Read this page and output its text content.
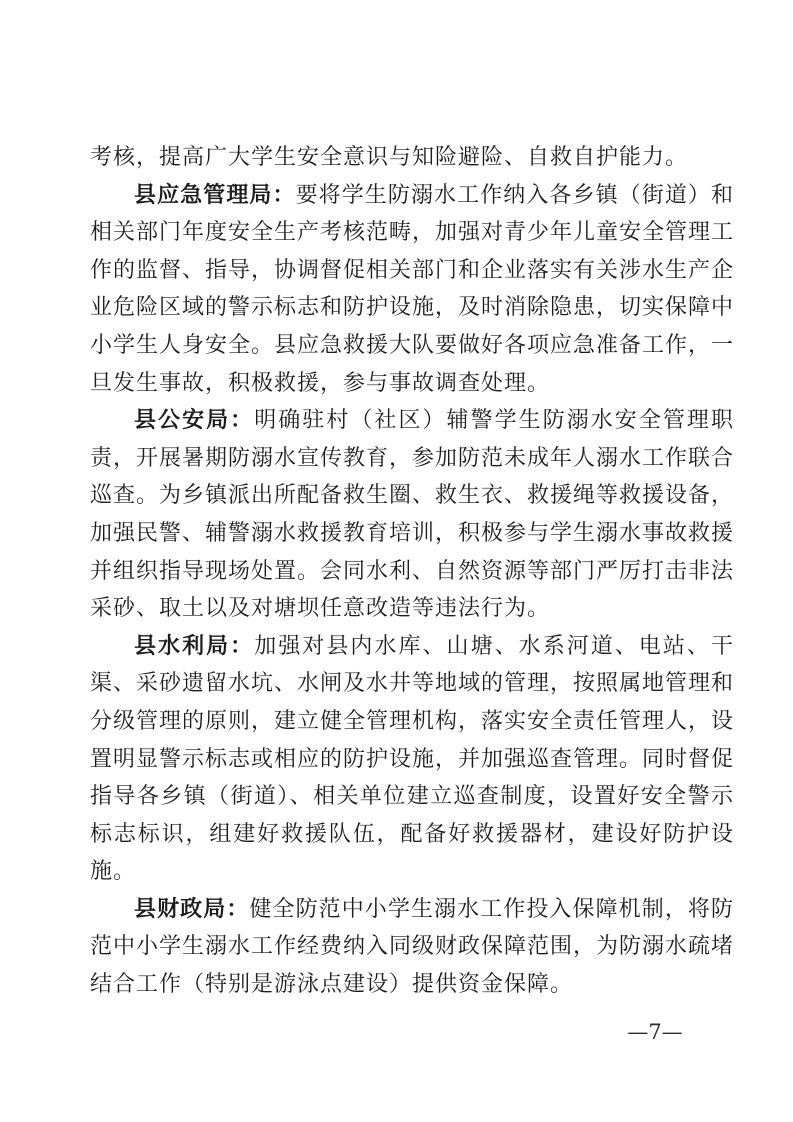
考核，提高广大学生安全意识与知险避险、自救自护能力。

县应急管理局：要将学生防溺水工作纳入各乡镇（街道）和相关部门年度安全生产考核范畴，加强对青少年儿童安全管理工作的监督、指导，协调督促相关部门和企业落实有关涉水生产企业危险区域的警示标志和防护设施，及时消除隐患，切实保障中小学生人身安全。县应急救援大队要做好各项应急准备工作，一旦发生事故，积极救援，参与事故调查处理。

县公安局：明确驻村（社区）辅警学生防溺水安全管理职责，开展暑期防溺水宣传教育，参加防范未成年人溺水工作联合巡查。为乡镇派出所配备救生圈、救生衣、救援绳等救援设备，加强民警、辅警溺水救援教育培训，积极参与学生溺水事故救援并组织指导现场处置。会同水利、自然资源等部门严厉打击非法采砂、取土以及对塘坝任意改造等违法行为。

县水利局：加强对县内水库、山塘、水系河道、电站、干渠、采砂遗留水坑、水闸及水井等地域的管理，按照属地管理和分级管理的原则，建立健全管理机构，落实安全责任管理人，设置明显警示标志或相应的防护设施，并加强巡查管理。同时督促指导各乡镇（街道）、相关单位建立巡查制度，设置好安全警示标志标识，组建好救援队伍，配备好救援器材，建设好防护设施。

县财政局：健全防范中小学生溺水工作投入保障机制，将防范中小学生溺水工作经费纳入同级财政保障范围，为防溺水疏堵结合工作（特别是游泳点建设）提供资金保障。

—7—
